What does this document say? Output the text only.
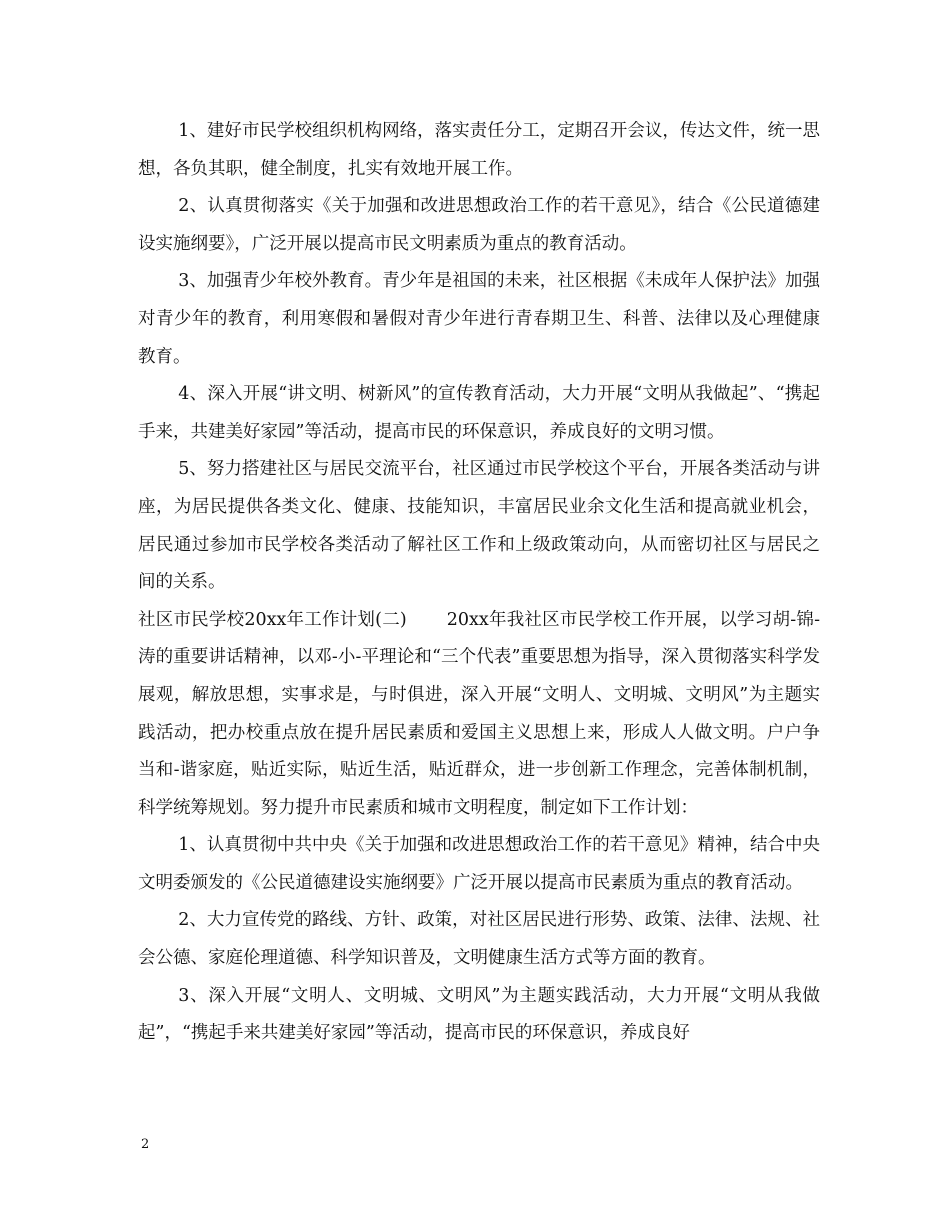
1、建好市民学校组织机构网络，落实责任分工，定期召开会议，传达文件，统一思想，各负其职，健全制度，扎实有效地开展工作。

2、认真贯彻落实《关于加强和改进思想政治工作的若干意见》，结合《公民道德建设实施纲要》，广泛开展以提高市民文明素质为重点的教育活动。

3、加强青少年校外教育。青少年是祖国的未来，社区根据《未成年人保护法》加强对青少年的教育，利用寒假和暑假对青少年进行青春期卫生、科普、法律以及心理健康教育。

4、深入开展“讲文明、树新风”的宣传教育活动，大力开展“文明从我做起”、“携起手来，共建美好家园”等活动，提高市民的环保意识，养成良好的文明习惯。

5、努力搭建社区与居民交流平台，社区通过市民学校这个平台，开展各类活动与讲座，为居民提供各类文化、健康、技能知识，丰富居民业余文化生活和提高就业机会，居民通过参加市民学校各类活动了解社区工作和上级政策动向，从而密切社区与居民之间的关系。

社区市民学校20xx年工作计划(二) 20xx年我社区市民学校工作开展，以学习胡-锦-涛的重要讲话精神，以邓-小-平理论和“三个代表”重要思想为指导，深入贯彻落实科学发展观，解放思想，实事求是，与时俱进，深入开展“文明人、文明城、文明风”为主题实践活动，把办校重点放在提升居民素质和爱国主义思想上来，形成人人做文明。户户争当和-谐家庭，贴近实际，贴近生活，贴近群众，进一步创新工作理念，完善体制机制，科学统筹规划。努力提升市民素质和城市文明程度，制定如下工作计划：

1、认真贯彻中共中央《关于加强和改进思想政治工作的若干意见》精神，结合中央文明委颁发的《公民道德建设实施纲要》广泛开展以提高市民素质为重点的教育活动。

2、大力宣传党的路线、方针、政策，对社区居民进行形势、政策、法律、法规、社会公德、家庭伦理道德、科学知识普及，文明健康生活方式等方面的教育。

3、深入开展“文明人、文明城、文明风”为主题实践活动，大力开展“文明从我做起”，“携起手来共建美好家园”等活动，提高市民的环保意识，养成良好

2
